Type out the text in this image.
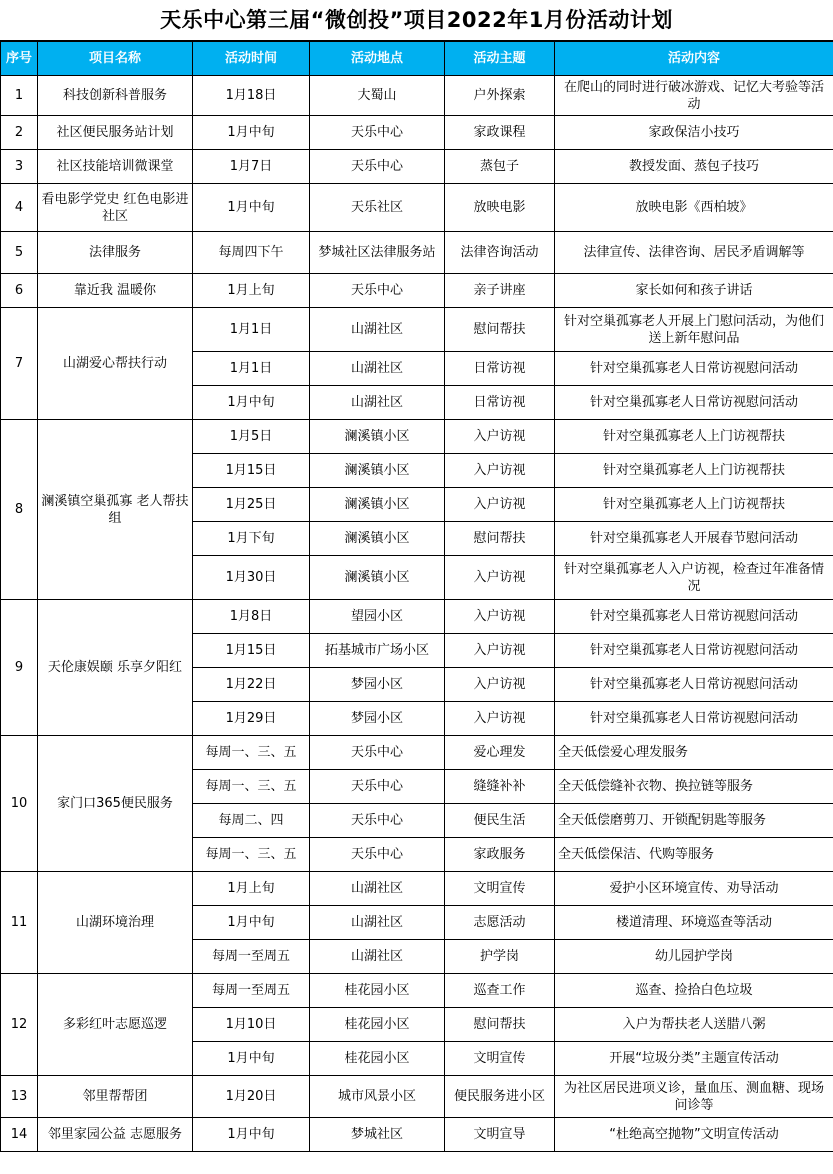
天乐中心第三届“微创投”项目2022年1月份活动计划
序号	项目名称	活动时间	活动地点	活动主题	活动内容
1	科技创新科普服务	1月18日	大蜀山	户外探索	在爬山的同时进行破冰游戏、记忆大考验等活动
2	社区便民服务站计划	1月中旬	天乐中心	家政课程	家政保洁小技巧
3	社区技能培训微课堂	1月7日	天乐中心	蒸包子	教授发面、蒸包子技巧
4	看电影学党史 红色电影进社区	1月中旬	天乐社区	放映电影	放映电影《西柏坡》
5	法律服务	每周四下午	梦城社区法律服务站	法律咨询活动	法律宣传、法律咨询、居民矛盾调解等
6	靠近我 温暖你	1月上旬	天乐中心	亲子讲座	家长如何和孩子讲话
7	山湖爱心帮扶行动	1月1日	山湖社区	慰问帮扶	针对空巢孤寡老人开展上门慰问活动，为他们送上新年慰问品
		1月1日	山湖社区	日常访视	针对空巢孤寡老人日常访视慰问活动
		1月中旬	山湖社区	日常访视	针对空巢孤寡老人日常访视慰问活动
8	澜溪镇空巢孤寡 老人帮扶组	1月5日	澜溪镇小区	入户访视	针对空巢孤寡老人上门访视帮扶
		1月15日	澜溪镇小区	入户访视	针对空巢孤寡老人上门访视帮扶
		1月25日	澜溪镇小区	入户访视	针对空巢孤寡老人上门访视帮扶
		1月下旬	澜溪镇小区	慰问帮扶	针对空巢孤寡老人开展春节慰问活动
		1月30日	澜溪镇小区	入户访视	针对空巢孤寡老人入户访视，检查过年准备情况
9	天伦康娱颐 乐享夕阳红	1月8日	望园小区	入户访视	针对空巢孤寡老人日常访视慰问活动
		1月15日	拓基城市广场小区	入户访视	针对空巢孤寡老人日常访视慰问活动
		1月22日	梦园小区	入户访视	针对空巢孤寡老人日常访视慰问活动
		1月29日	梦园小区	入户访视	针对空巢孤寡老人日常访视慰问活动
10	家门口365便民服务	每周一、三、五	天乐中心	爱心理发	全天低偿爱心理发服务
		每周一、三、五	天乐中心	缝缝补补	全天低偿缝补衣物、换拉链等服务
		每周二、四	天乐中心	便民生活	全天低偿磨剪刀、开锁配钥匙等服务
		每周一、三、五	天乐中心	家政服务	全天低偿保洁、代购等服务
11	山湖环境治理	1月上旬	山湖社区	文明宣传	爱护小区环境宣传、劝导活动
		1月中旬	山湖社区	志愿活动	楼道清理、环境巡查等活动
		每周一至周五	山湖社区	护学岗	幼儿园护学岗
12	多彩红叶志愿巡逻	每周一至周五	桂花园小区	巡查工作	巡查、捡拾白色垃圾
		1月10日	桂花园小区	慰问帮扶	入户为帮扶老人送腊八粥
		1月中旬	桂花园小区	文明宣传	开展“垃圾分类”主题宣传活动
13	邻里帮帮团	1月20日	城市风景小区	便民服务进小区	为社区居民进项义诊，量血压、测血糖、现场问诊等
14	邻里家园公益 志愿服务	1月中旬	梦城社区	文明宣导	“杜绝高空抛物”文明宣传活动
